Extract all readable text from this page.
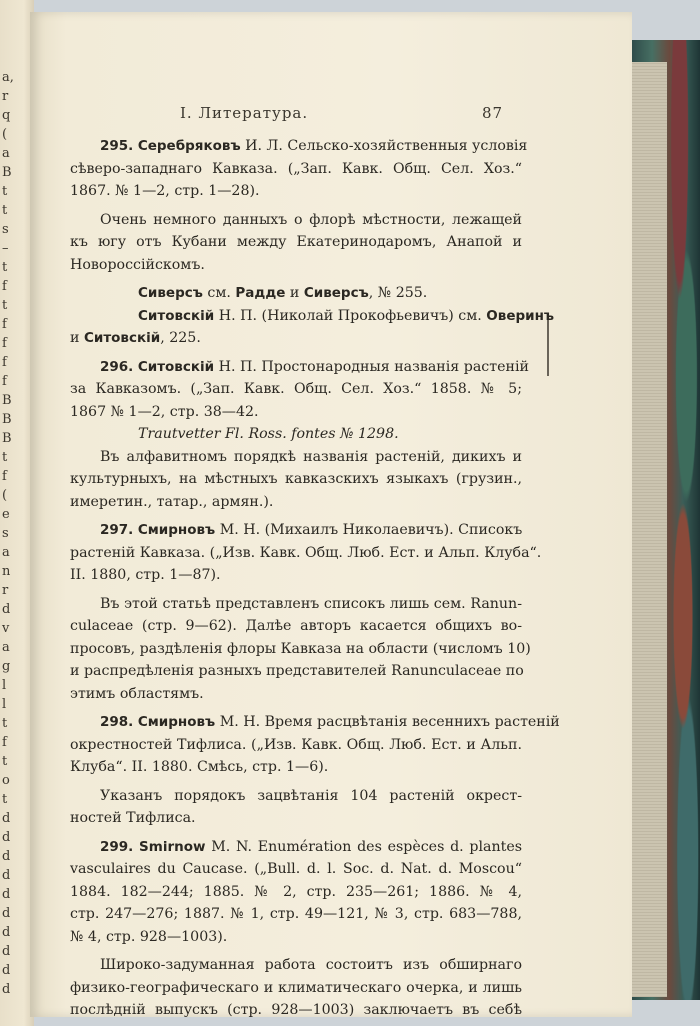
a,
r
q
(
a
B
t
t
s
–
t
f
t
f
f
f
f
B
B
B
t
f
(
e
s
a
n
r
d
v
a
g
l
l
t
f
t
o
t
d
d
d
d
d
d
d
d
d
d
I. Литература.	87
295. Серебряковъ И. Л. Сельско-хозяйственныя условія
сѣверо-западнаго Кавказа. („Зап. Кавк. Общ. Сел. Хоз.“
1867. № 1—2, стр. 1—28).
Очень немного данныхъ о флорѣ мѣстности, лежащей
къ югу отъ Кубани между Екатеринодаромъ, Анапой и
Новороссійскомъ.
Сиверсъ см. Радде и Сиверсъ, № 255.
Ситовскій Н. П. (Николай Прокофьевичъ) см. Оверинъ
и Ситовскій, 225.
296. Ситовскій Н. П. Простонародныя названія растеній
за Кавказомъ. („Зап. Кавк. Общ. Сел. Хоз.“ 1858. № 5;
1867 № 1—2, стр. 38—42.
Trautvetter Fl. Ross. fontes № 1298.
Въ алфавитномъ порядкѣ названія растеній, дикихъ и
культурныхъ, на мѣстныхъ кавказскихъ языкахъ (грузин.,
имеретин., татар., армян.).
297. Смирновъ М. Н. (Михаилъ Николаевичъ). Списокъ
растеній Кавказа. („Изв. Кавк. Общ. Люб. Ест. и Альп. Клуба“.
II. 1880, стр. 1—87).
Въ этой статьѣ представленъ списокъ лишь сем. Ranun-
culaceae (стр. 9—62). Далѣе авторъ касается общихъ во-
просовъ, раздѣленія флоры Кавказа на области (числомъ 10)
и распредѣленія разныхъ представителей Ranunculaceae по
этимъ областямъ.
298. Смирновъ М. Н. Время расцвѣтанія весеннихъ растеній
окрестностей Тифлиса. („Изв. Кавк. Общ. Люб. Ест. и Альп.
Клуба“. II. 1880. Смѣсь, стр. 1—6).
Указанъ порядокъ зацвѣтанія 104 растеній окрест-
ностей Тифлиса.
299. Smirnow M. N. Enumération des espèces d. plantes
vasculaires du Caucase. („Bull. d. l. Soc. d. Nat. d. Moscou“
1884. 182—244; 1885. № 2, стр. 235—261; 1886. № 4,
стр. 247—276; 1887. № 1, стр. 49—121, № 3, стр. 683—788,
№ 4, стр. 928—1003).
Широко-задуманная работа состоитъ изъ обширнаго
физико-географическаго и климатическаго очерка, и лишь
послѣдній выпускъ (стр. 928—1003) заключаетъ въ себѣ
